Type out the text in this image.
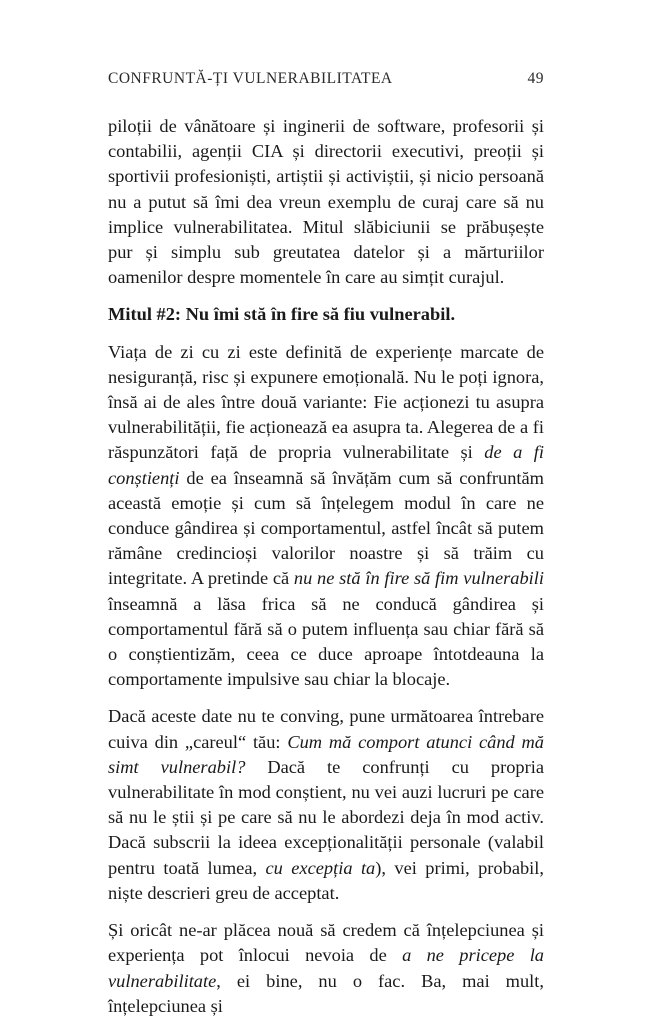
CONFRUNTĂ-ȚI VULNERABILITATEA	49

piloții de vânătoare și inginerii de software, profesorii și contabilii, agenții CIA și directorii executivi, preoții și sportivii profesioniști, artiștii și activiștii, și nicio persoană nu a putut să îmi dea vreun exemplu de curaj care să nu implice vulnerabilitatea. Mitul slăbiciunii se prăbușește pur și simplu sub greutatea datelor și a mărturiilor oamenilor despre momentele în care au simțit curajul.

Mitul #2: Nu îmi stă în fire să fiu vulnerabil.

Viața de zi cu zi este definită de experiențe marcate de nesiguranță, risc și expunere emoțională. Nu le poți ignora, însă ai de ales între două variante: Fie acționezi tu asupra vulnerabilității, fie acționează ea asupra ta. Alegerea de a fi răspunzători față de propria vulnerabilitate și de a fi conștienți de ea înseamnă să învățăm cum să confruntăm această emoție și cum să înțelegem modul în care ne conduce gândirea și comportamentul, astfel încât să putem rămâne credincioși valorilor noastre și să trăim cu integritate. A pretinde că nu ne stă în fire să fim vulnerabili înseamnă a lăsa frica să ne conducă gândirea și comportamentul fără să o putem influența sau chiar fără să o conștientizăm, ceea ce duce aproape întotdeauna la comportamente impulsive sau chiar la blocaje.

Dacă aceste date nu te conving, pune următoarea întrebare cuiva din „careul“ tău: Cum mă comport atunci când mă simt vulnerabil? Dacă te confrunți cu propria vulnerabilitate în mod conștient, nu vei auzi lucruri pe care să nu le știi și pe care să nu le abordezi deja în mod activ. Dacă subscrii la ideea excepționalității personale (valabil pentru toată lumea, cu excepția ta), vei primi, probabil, niște descrieri greu de acceptat.

Și oricât ne-ar plăcea nouă să credem că înțelepciunea și experiența pot înlocui nevoia de a ne pricepe la vulnerabilitate, ei bine, nu o fac. Ba, mai mult, înțelepciunea și
